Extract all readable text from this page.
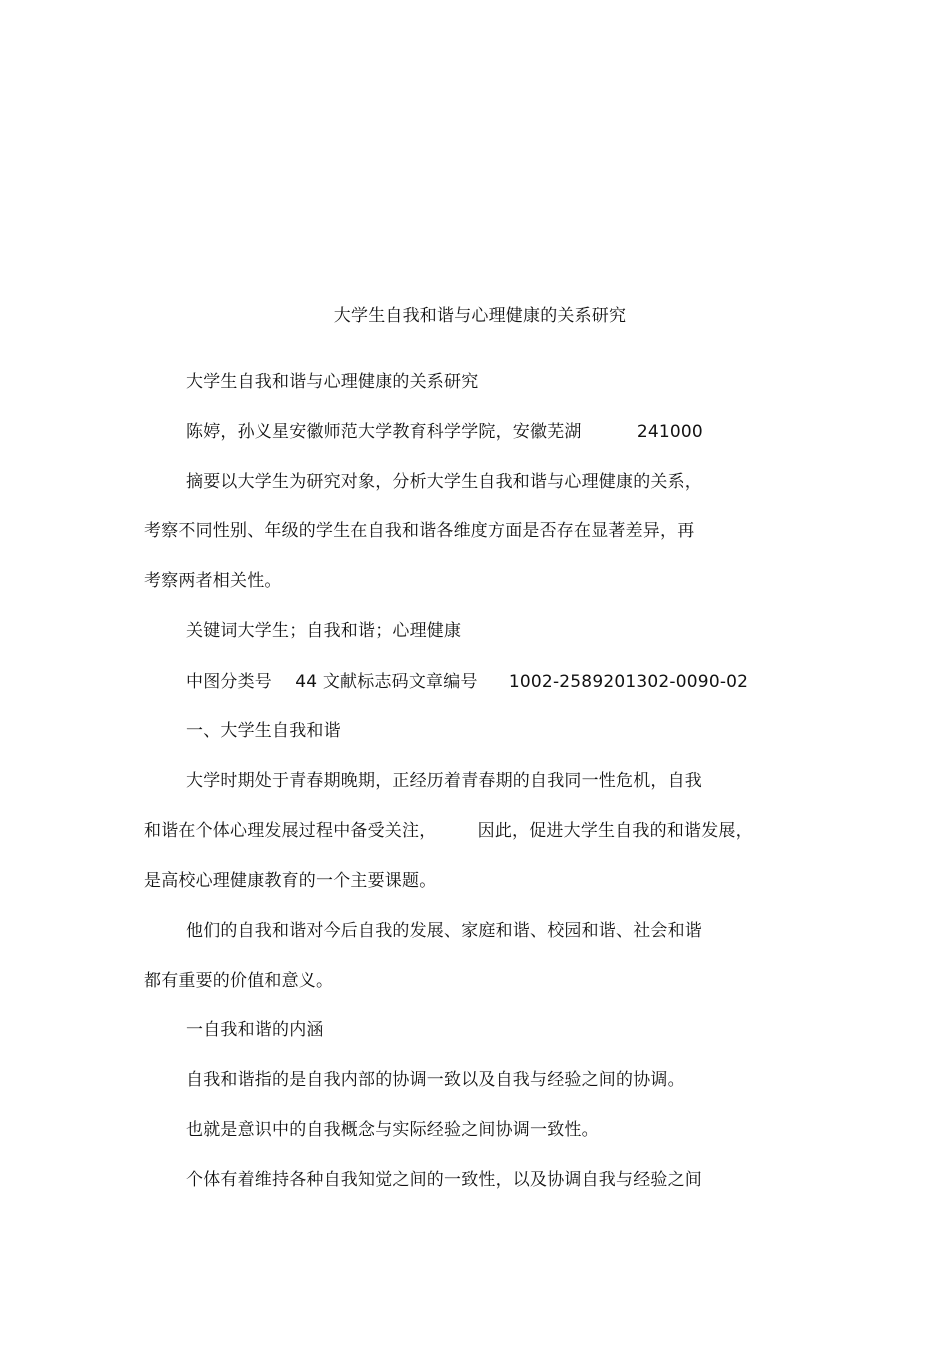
大学生自我和谐与心理健康的关系研究
大学生自我和谐与心理健康的关系研究
陈婷，孙义星安徽师范大学教育科学学院，安徽芜湖	241000
摘要以大学生为研究对象，分析大学生自我和谐与心理健康的关系，
考察不同性别、年级的学生在自我和谐各维度方面是否存在显著差异，再
考察两者相关性。
关键词大学生；自我和谐；心理健康
中图分类号 44 文献标志码文章编号 1002-2589201302-0090-02
一、大学生自我和谐
大学时期处于青春期晚期，正经历着青春期的自我同一性危机，自我
和谐在个体心理发展过程中备受关注， 因此，促进大学生自我的和谐发展，
是高校心理健康教育的一个主要课题。
他们的自我和谐对今后自我的发展、家庭和谐、校园和谐、社会和谐
都有重要的价值和意义。
一自我和谐的内涵
自我和谐指的是自我内部的协调一致以及自我与经验之间的协调。
也就是意识中的自我概念与实际经验之间协调一致性。
个体有着维持各种自我知觉之间的一致性，以及协调自我与经验之间
